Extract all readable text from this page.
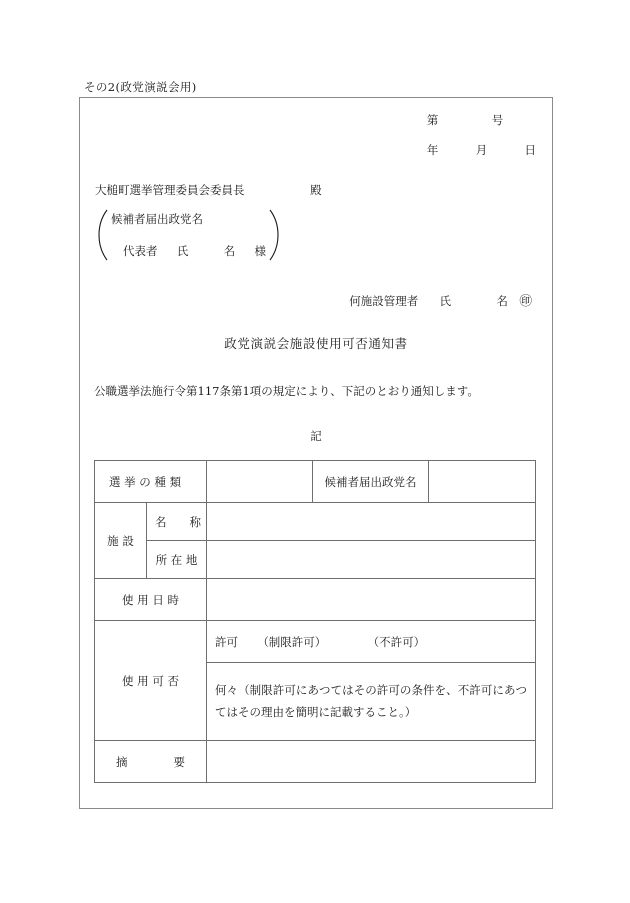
その2(政党演説会用)
第	号
年	月	日
大槌町選挙管理委員会委員長	殿
候補者届出政党名
代表者 氏	名 様
何施設管理者 氏	名 ㊞
政党演説会施設使用可否通知書
公職選挙法施行令第117条第1項の規定により、下記のとおり通知します。
記
選 挙 の 種 類			候補者届出政党名	
施 設	名　　称			
	所 在 地			
使 用 日 時				
使 用 可 否		許可 （制限許可） （不許可）		

		何々（制限許可にあつてはその許可の条件を、不許可にあつてはその理由を簡明に記載すること。）		

摘　　　　要				
